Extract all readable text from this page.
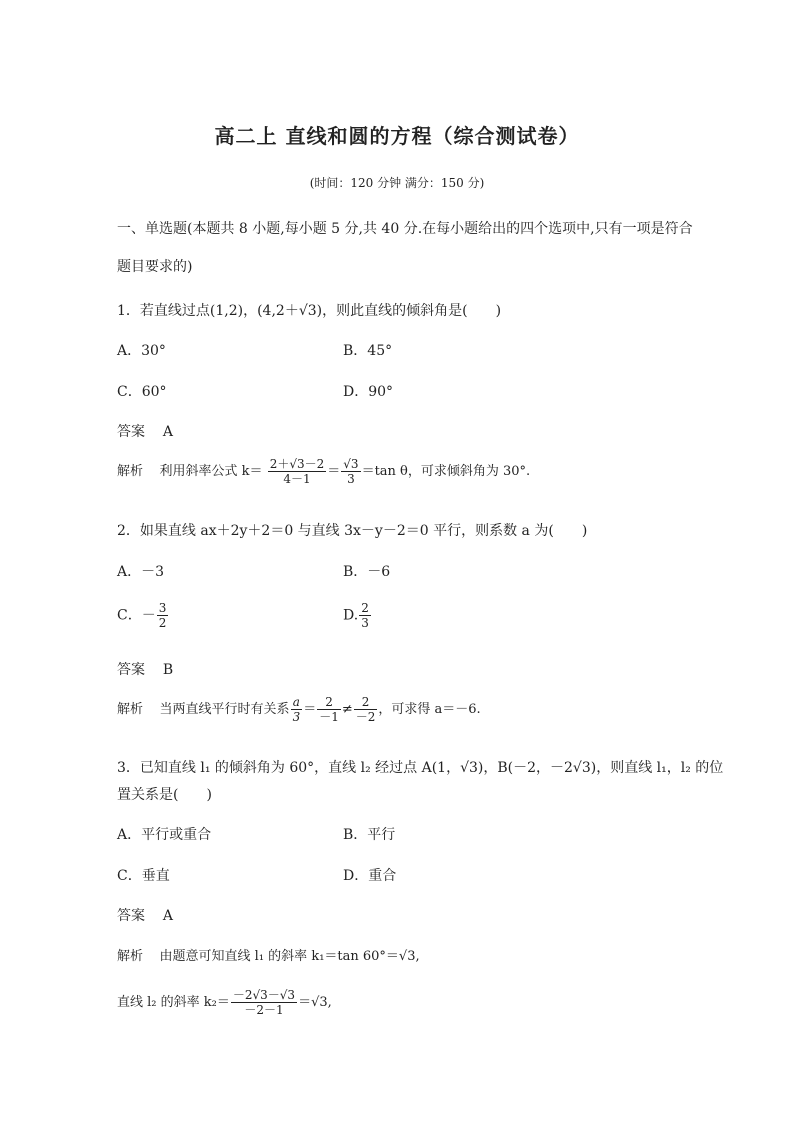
高二上 直线和圆的方程（综合测试卷）
(时间：120 分钟 满分：150 分)
一、单选题(本题共 8 小题,每小题 5 分,共 40 分.在每小题给出的四个选项中,只有一项是符合
题目要求的)
1．若直线过点(1,2)，(4,2＋√3)，则此直线的倾斜角是(　　)
A．30°	B．45°
C．60°	D．90°
答案 A
解析 利用斜率公式 $k= \frac{2+√3-2}{4-1} = \frac{√3}{3} =\tan$ θ，可求倾斜角为 30°.
2．如果直线 ax＋2y＋2＝0 与直线 3x－y－2＝0 平行，则系数 a 为(　　)
A．－3	B．－6
C．－ $\frac{3}{2}$	D. $\frac{2}{3}$
答案 B
解析 当两直线平行时有关系 $\frac{a}{3} = \frac{2}{-1} \ne \frac{2}{-2}$ ，可求得 a＝－6.
3．已知直线 l₁ 的倾斜角为 60°，直线 l₂ 经过点 A(1，√3)，B(－2，－2√3)，则直线 l₁，l₂ 的位
置关系是(　　)
A．平行或重合	B．平行
C．垂直	D．重合
答案 A
解析 由题意可知直线 l₁ 的斜率 k₁＝tan 60°＝√3,
直线 l₂ 的斜率 $k_2= \frac{-2√3-√3}{-2-1} =√3$,
